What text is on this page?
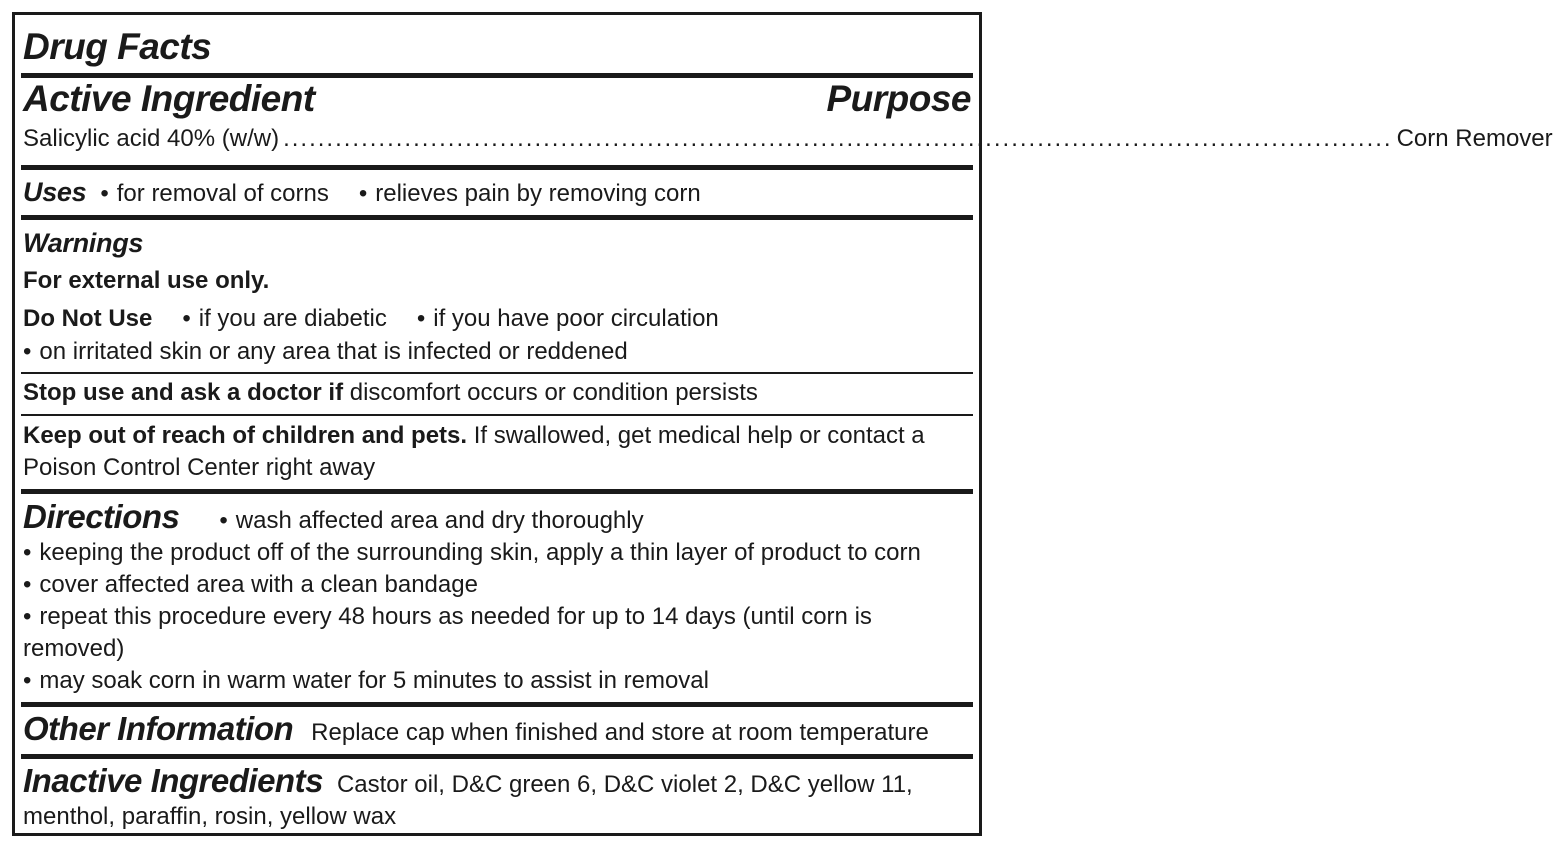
Drug Facts
Active Ingredient	Purpose
Salicylic acid 40% (w/w) ................................................................................................................................ Corn Remover
Uses • for removal of corns • relieves pain by removing corn
Warnings
For external use only.
Do Not Use • if you are diabetic • if you have poor circulation
• on irritated skin or any area that is infected or reddened
Stop use and ask a doctor if discomfort occurs or condition persists
Keep out of reach of children and pets. If swallowed, get medical help or contact a
Poison Control Center right away
Directions • wash affected area and dry thoroughly
• keeping the product off of the surrounding skin, apply a thin layer of product to corn
• cover affected area with a clean bandage
• repeat this procedure every 48 hours as needed for up to 14 days (until corn is
removed)
• may soak corn in warm water for 5 minutes to assist in removal
Other Information Replace cap when finished and store at room temperature
Inactive Ingredients Castor oil, D&C green 6, D&C violet 2, D&C yellow 11,
menthol, paraffin, rosin, yellow wax
